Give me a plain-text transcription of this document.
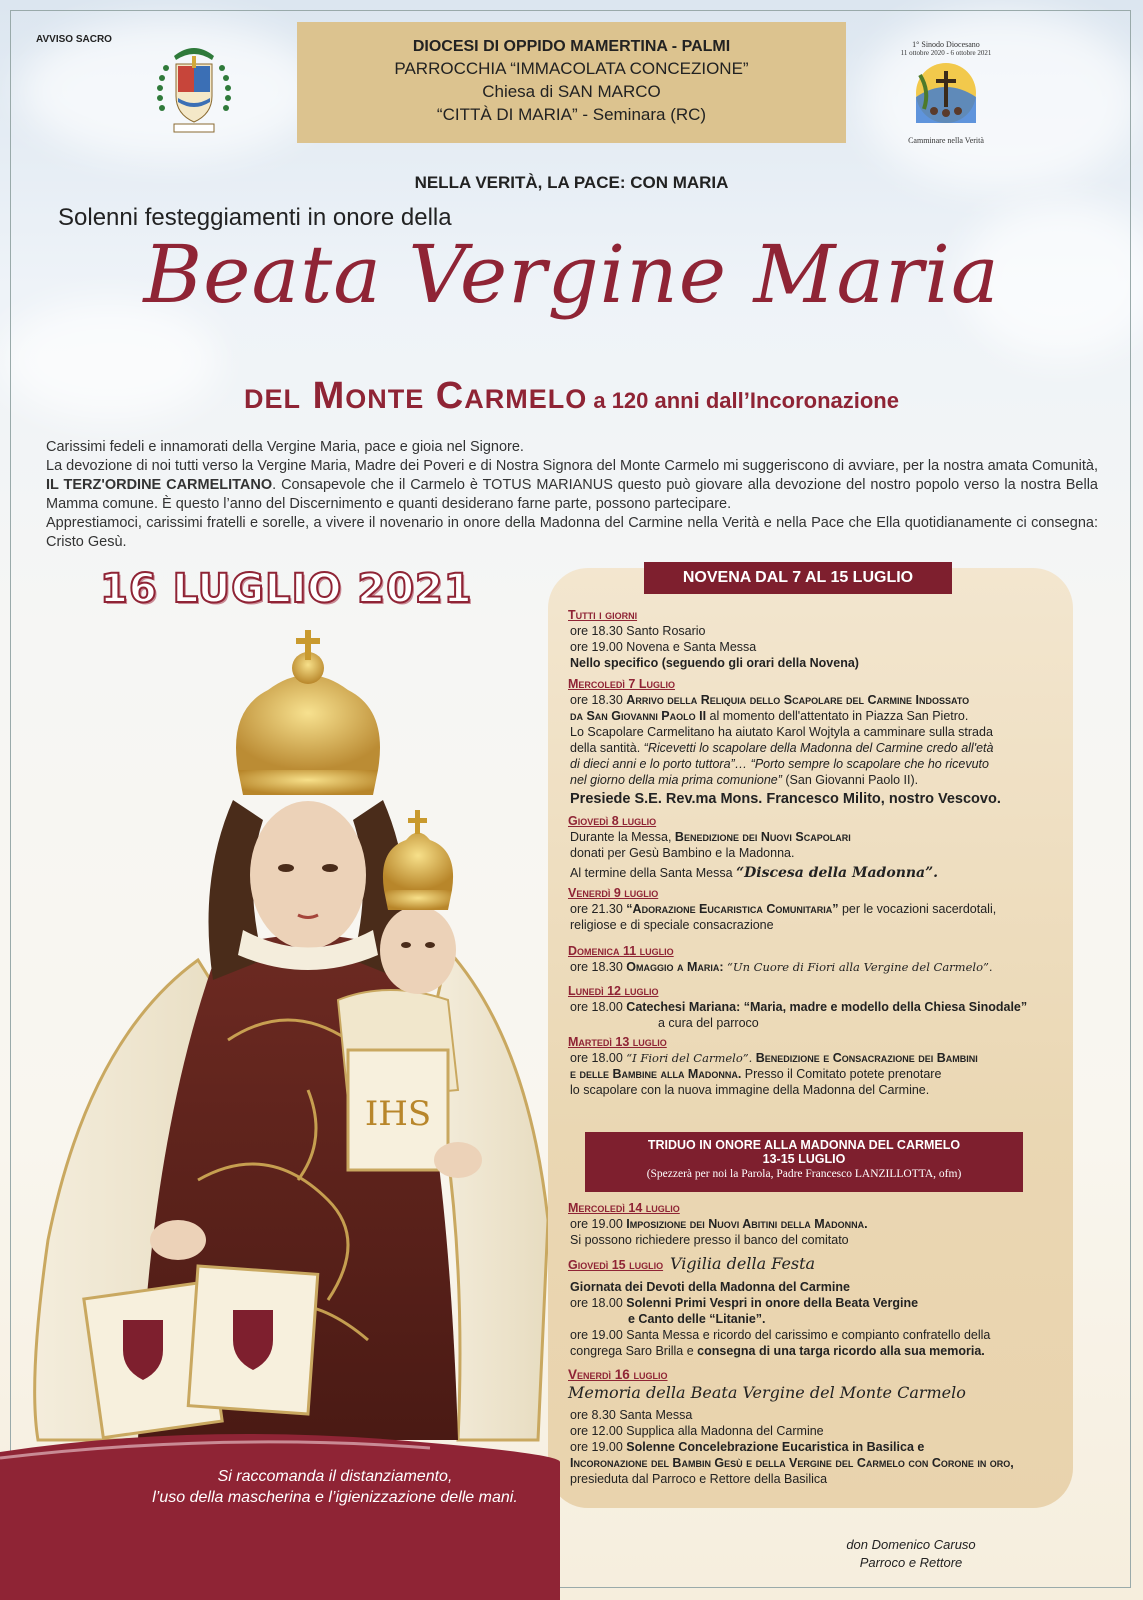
AVVISO SACRO	DIOCESI DI OPPIDO MAMERTINA - PALMI
PARROCCHIA “IMMACOLATA CONCEZIONE”
Chiesa di SAN MARCO
“CITTÀ DI MARIA” - Seminara (RC)
1° Sinodo Diocesano
11 ottobre 2020 - 6 ottobre 2021
Camminare nella Verità
NELLA VERITÀ, LA PACE: CON MARIA
Solenni festeggiamenti in onore della
Beata Vergine Maria
del Monte Carmelo a 120 anni dall’Incoronazione

Carissimi fedeli e innamorati della Vergine Maria, pace e gioia nel Signore.

La devozione di noi tutti verso la Vergine Maria, Madre dei Poveri e di Nostra Signora del Monte Carmelo mi suggeriscono di avviare, per la nostra amata Comunità, IL TERZ'ORDINE CARMELITANO. Consapevole che il Carmelo è TOTUS MARIANUS questo può giovare alla devozione del nostro popolo verso la nostra Bella Mamma comune. È questo l’anno del Discernimento e quanti desiderano farne parte, possono partecipare.

Apprestiamoci, carissimi fratelli e sorelle, a vivere il novenario in onore della Madonna del Carmine nella Verità e nella Pace che Ella quotidianamente ci consegna: Cristo Gesù.

16 LUGLIO 2021
IHS
NOVENA DAL 7 AL 15 LUGLIO
Tutti i giorni
ore 18.30 Santo Rosario
ore 19.00 Novena e Santa Messa
Nello specifico (seguendo gli orari della Novena)
Mercoledì 7 Luglio
ore 18.30 Arrivo della Reliquia dello Scapolare del Carmine Indossato
da San Giovanni Paolo II al momento dell'attentato in Piazza San Pietro.
Lo Scapolare Carmelitano ha aiutato Karol Wojtyla a camminare sulla strada
della santità. “Ricevetti lo scapolare della Madonna del Carmine credo all'età
di dieci anni e lo porto tuttora”… “Porto sempre lo scapolare che ho ricevuto
nel giorno della mia prima comunione” (San Giovanni Paolo II).
Presiede S.E. Rev.ma Mons. Francesco Milito, nostro Vescovo.
Giovedì 8 luglio
Durante la Messa, Benedizione dei Nuovi Scapolari
donati per Gesù Bambino e la Madonna.
Al termine della Santa Messa “Discesa della Madonna”.
Venerdì 9 luglio
ore 21.30 “Adorazione Eucaristica Comunitaria” per le vocazioni sacerdotali,
religiose e di speciale consacrazione
Domenica 11 luglio
ore 18.30 Omaggio a Maria: “Un Cuore di Fiori alla Vergine del Carmelo”.
Lunedì 12 luglio
ore 18.00 Catechesi Mariana: “Maria, madre e modello della Chiesa Sinodale”
a cura del parroco
Martedì 13 luglio
ore 18.00 “I Fiori del Carmelo”. Benedizione e Consacrazione dei Bambini
e delle Bambine alla Madonna. Presso il Comitato potete prenotare
lo scapolare con la nuova immagine della Madonna del Carmine.
TRIDUO IN ONORE ALLA MADONNA DEL CARMELO
13-15 LUGLIO
(Spezzerà per noi la Parola, Padre Francesco LANZILLOTTA, ofm)
Mercoledì 14 luglio
ore 19.00 Imposizione dei Nuovi Abitini della Madonna.
Si possono richiedere presso il banco del comitato
Giovedì 15 luglio Vigilia della Festa
Giornata dei Devoti della Madonna del Carmine
ore 18.00 Solenni Primi Vespri in onore della Beata Vergine
e Canto delle “Litanie”.
ore 19.00 Santa Messa e ricordo del carissimo e compianto confratello della
congrega Saro Brilla e consegna di una targa ricordo alla sua memoria.
Venerdì 16 luglio
Memoria della Beata Vergine del Monte Carmelo
ore 8.30 Santa Messa
ore 12.00 Supplica alla Madonna del Carmine
ore 19.00 Solenne Concelebrazione Eucaristica in Basilica e
Incoronazione del Bambin Gesù e della Vergine del Carmelo con Corone in oro,
presieduta dal Parroco e Rettore della Basilica
Si raccomanda il distanziamento,
l’uso della mascherina e l’igienizzazione delle mani.
don Domenico Caruso
Parroco e Rettore
